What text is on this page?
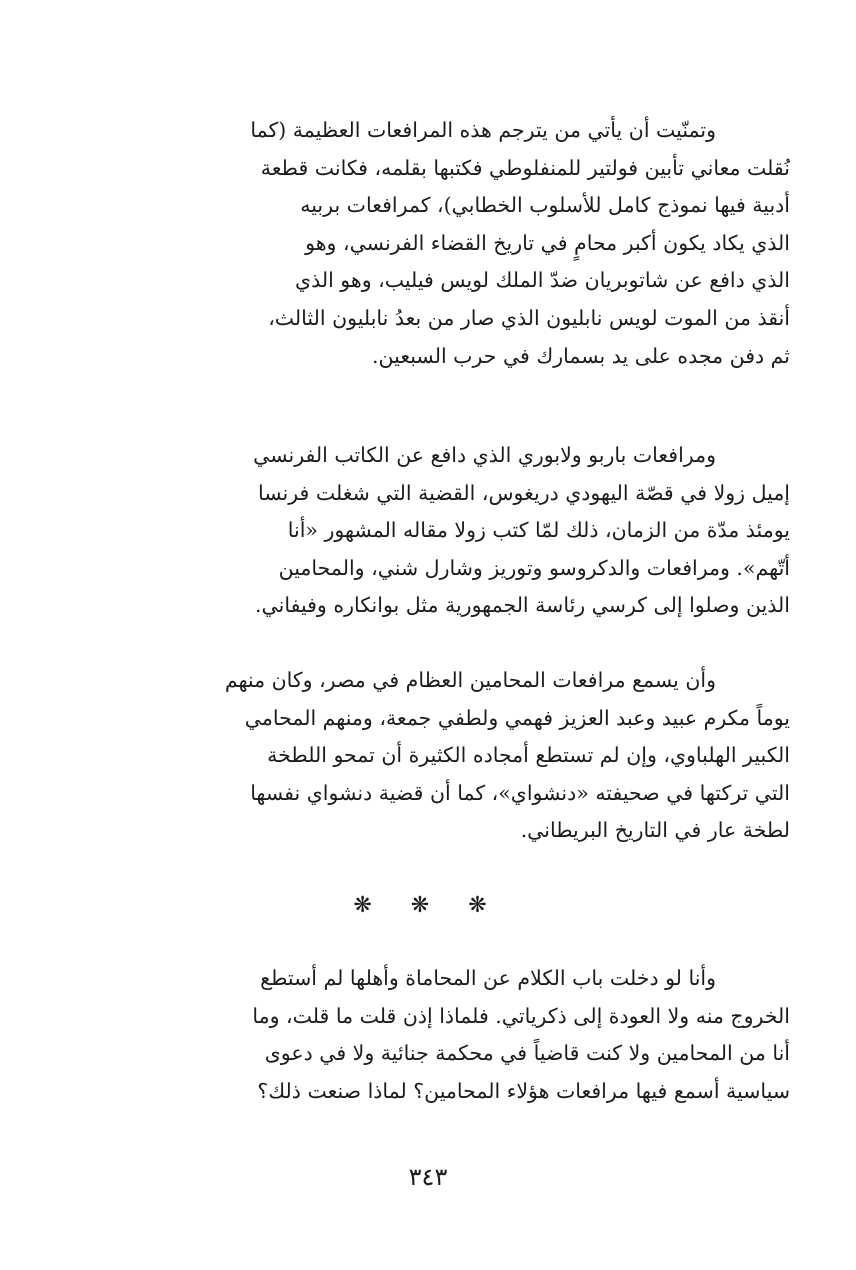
وتمنّيت أن يأتي من يترجم هذه المرافعات العظيمة (كما
نُقلت معاني تأبين فولتير للمنفلوطي فكتبها بقلمه، فكانت قطعة
أدبية فيها نموذج كامل للأسلوب الخطابي)، كمرافعات بربيه
الذي يكاد يكون أكبر محامٍ في تاريخ القضاء الفرنسي، وهو
الذي دافع عن شاتوبريان ضدّ الملك لويس فيليب، وهو الذي
أنقذ من الموت لويس نابليون الذي صار من بعدُ نابليون الثالث،
ثم دفن مجده على يد بسمارك في حرب السبعين.
ومرافعات باربو ولابوري الذي دافع عن الكاتب الفرنسي
إميل زولا في قصّة اليهودي دريغوس، القضية التي شغلت فرنسا
يومئذ مدّة من الزمان، ذلك لمّا كتب زولا مقاله المشهور «أنا
أتّهم». ومرافعات والدكروسو وتوريز وشارل شني، والمحامين
الذين وصلوا إلى كرسي رئاسة الجمهورية مثل بوانكاره وفيفاني.
وأن يسمع مرافعات المحامين العظام في مصر، وكان منهم
يوماً مكرم عبيد وعبد العزيز فهمي ولطفي جمعة، ومنهم المحامي
الكبير الهلباوي، وإن لم تستطع أمجاده الكثيرة أن تمحو اللطخة
التي تركتها في صحيفته «دنشواي»، كما أن قضية دنشواي نفسها
لطخة عار في التاريخ البريطاني.
❋ ❋ ❋
وأنا لو دخلت باب الكلام عن المحاماة وأهلها لم أستطع
الخروج منه ولا العودة إلى ذكرياتي. فلماذا إذن قلت ما قلت، وما
أنا من المحامين ولا كنت قاضياً في محكمة جنائية ولا في دعوى
سياسية أسمع فيها مرافعات هؤلاء المحامين؟ لماذا صنعت ذلك؟
٣٤٣
